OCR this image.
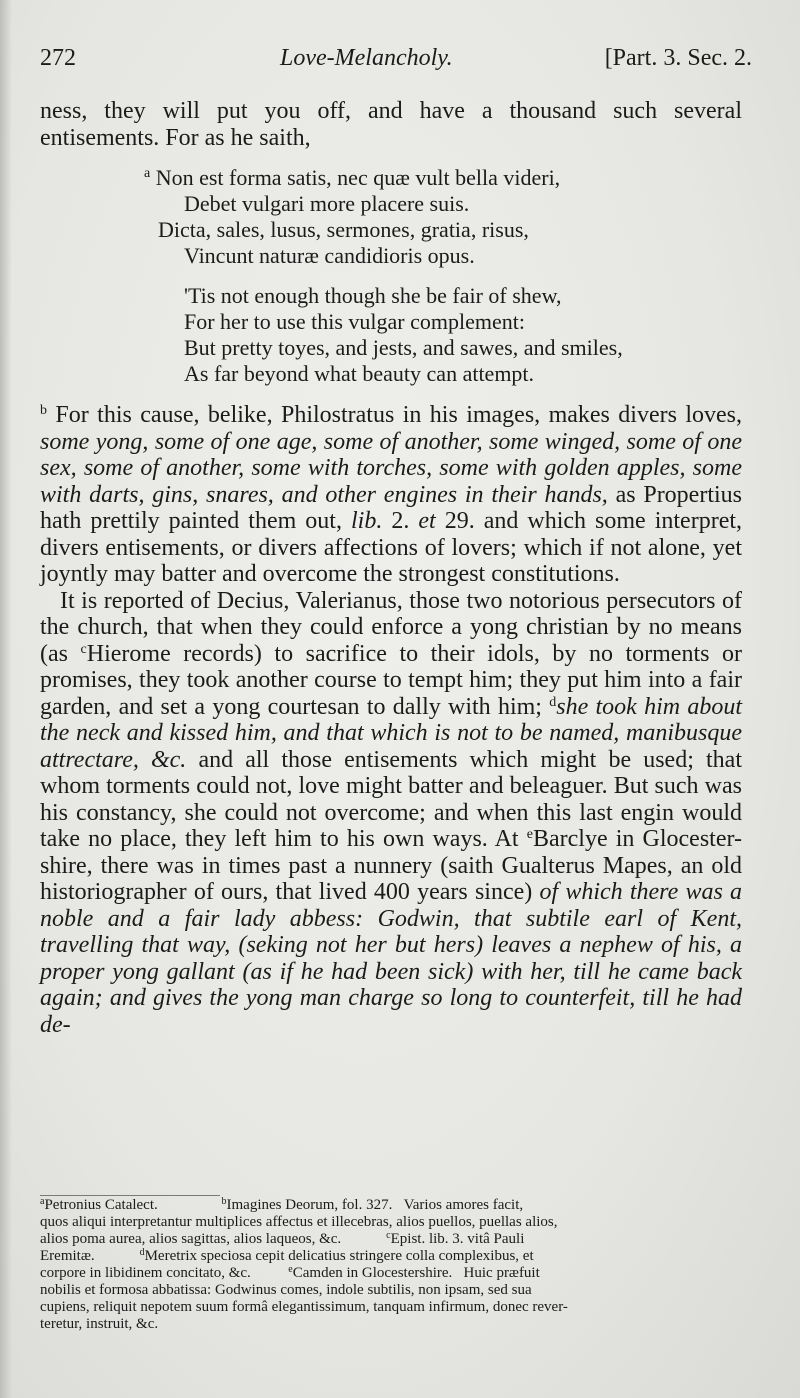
272	Love-Melancholy.	[Part. 3. Sec. 2.

ness, they will put you off, and have a thousand such several entisements. For as he saith,

$^a$ Non est forma satis, nec quæ vult bella videri,
Debet vulgari more placere suis.
Dicta, sales, lusus, sermones, gratia, risus,
Vincunt naturæ candidioris opus.
'Tis not enough though she be fair of shew,
For her to use this vulgar complement:
But pretty toyes, and jests, and sawes, and smiles,
As far beyond what beauty can attempt.

$^b$ For this cause, belike, Philostratus in his images, makes divers loves, some yong, some of one age, some of another, some winged, some of one sex, some of another, some with torches, some with golden apples, some with darts, gins, snares, and other engines in their hands, as Propertius hath prettily painted them out, lib. 2. et 29. and which some interpret, divers entisements, or divers affections of lovers; which if not alone, yet joyntly may batter and overcome the strongest constitutions.

It is reported of Decius, Valerianus, those two notorious persecutors of the church, that when they could enforce a yong christian by no means (as $^c$Hierome records) to sacrifice to their idols, by no torments or promises, they took another course to tempt him; they put him into a fair garden, and set a yong courtesan to dally with him; $^d$she took him about the neck and kissed him, and that which is not to be named, manibusque attrectare, &c. and all those entisements which might be used; that whom torments could not, love might batter and beleaguer. But such was his constancy, she could not overcome; and when this last engin would take no place, they left him to his own ways. At $^e$Barclye in Glocester-shire, there was in times past a nunnery (saith Gualterus Mapes, an old historiographer of ours, that lived 400 years since) of which there was a noble and a fair lady abbess: Godwin, that subtile earl of Kent, travelling that way, (seking not her but hers) leaves a nephew of his, a proper yong gallant (as if he had been sick) with her, till he came back again; and gives the yong man charge so long to counterfeit, till he had de-

$^a$Petronius Catalect.	$^b$Imagines Deorum, fol. 327. Varios amores facit,
quos aliqui interpretantur multiplices affectus et illecebras, alios puellos, puellas alios,
alios poma aurea, alios sagittas, alios laqueos, &c.	$^c$Epist. lib. 3. vitâ Pauli
Eremitæ.	$^d$Meretrix speciosa cepit delicatius stringere colla complexibus, et
corpore in libidinem concitato, &c.	$^e$Camden in Glocestershire. Huic præfuit
nobilis et formosa abbatissa: Godwinus comes, indole subtilis, non ipsam, sed sua
cupiens, reliquit nepotem suum formâ elegantissimum, tanquam infirmum, donec rever-
teretur, instruit, &c.
